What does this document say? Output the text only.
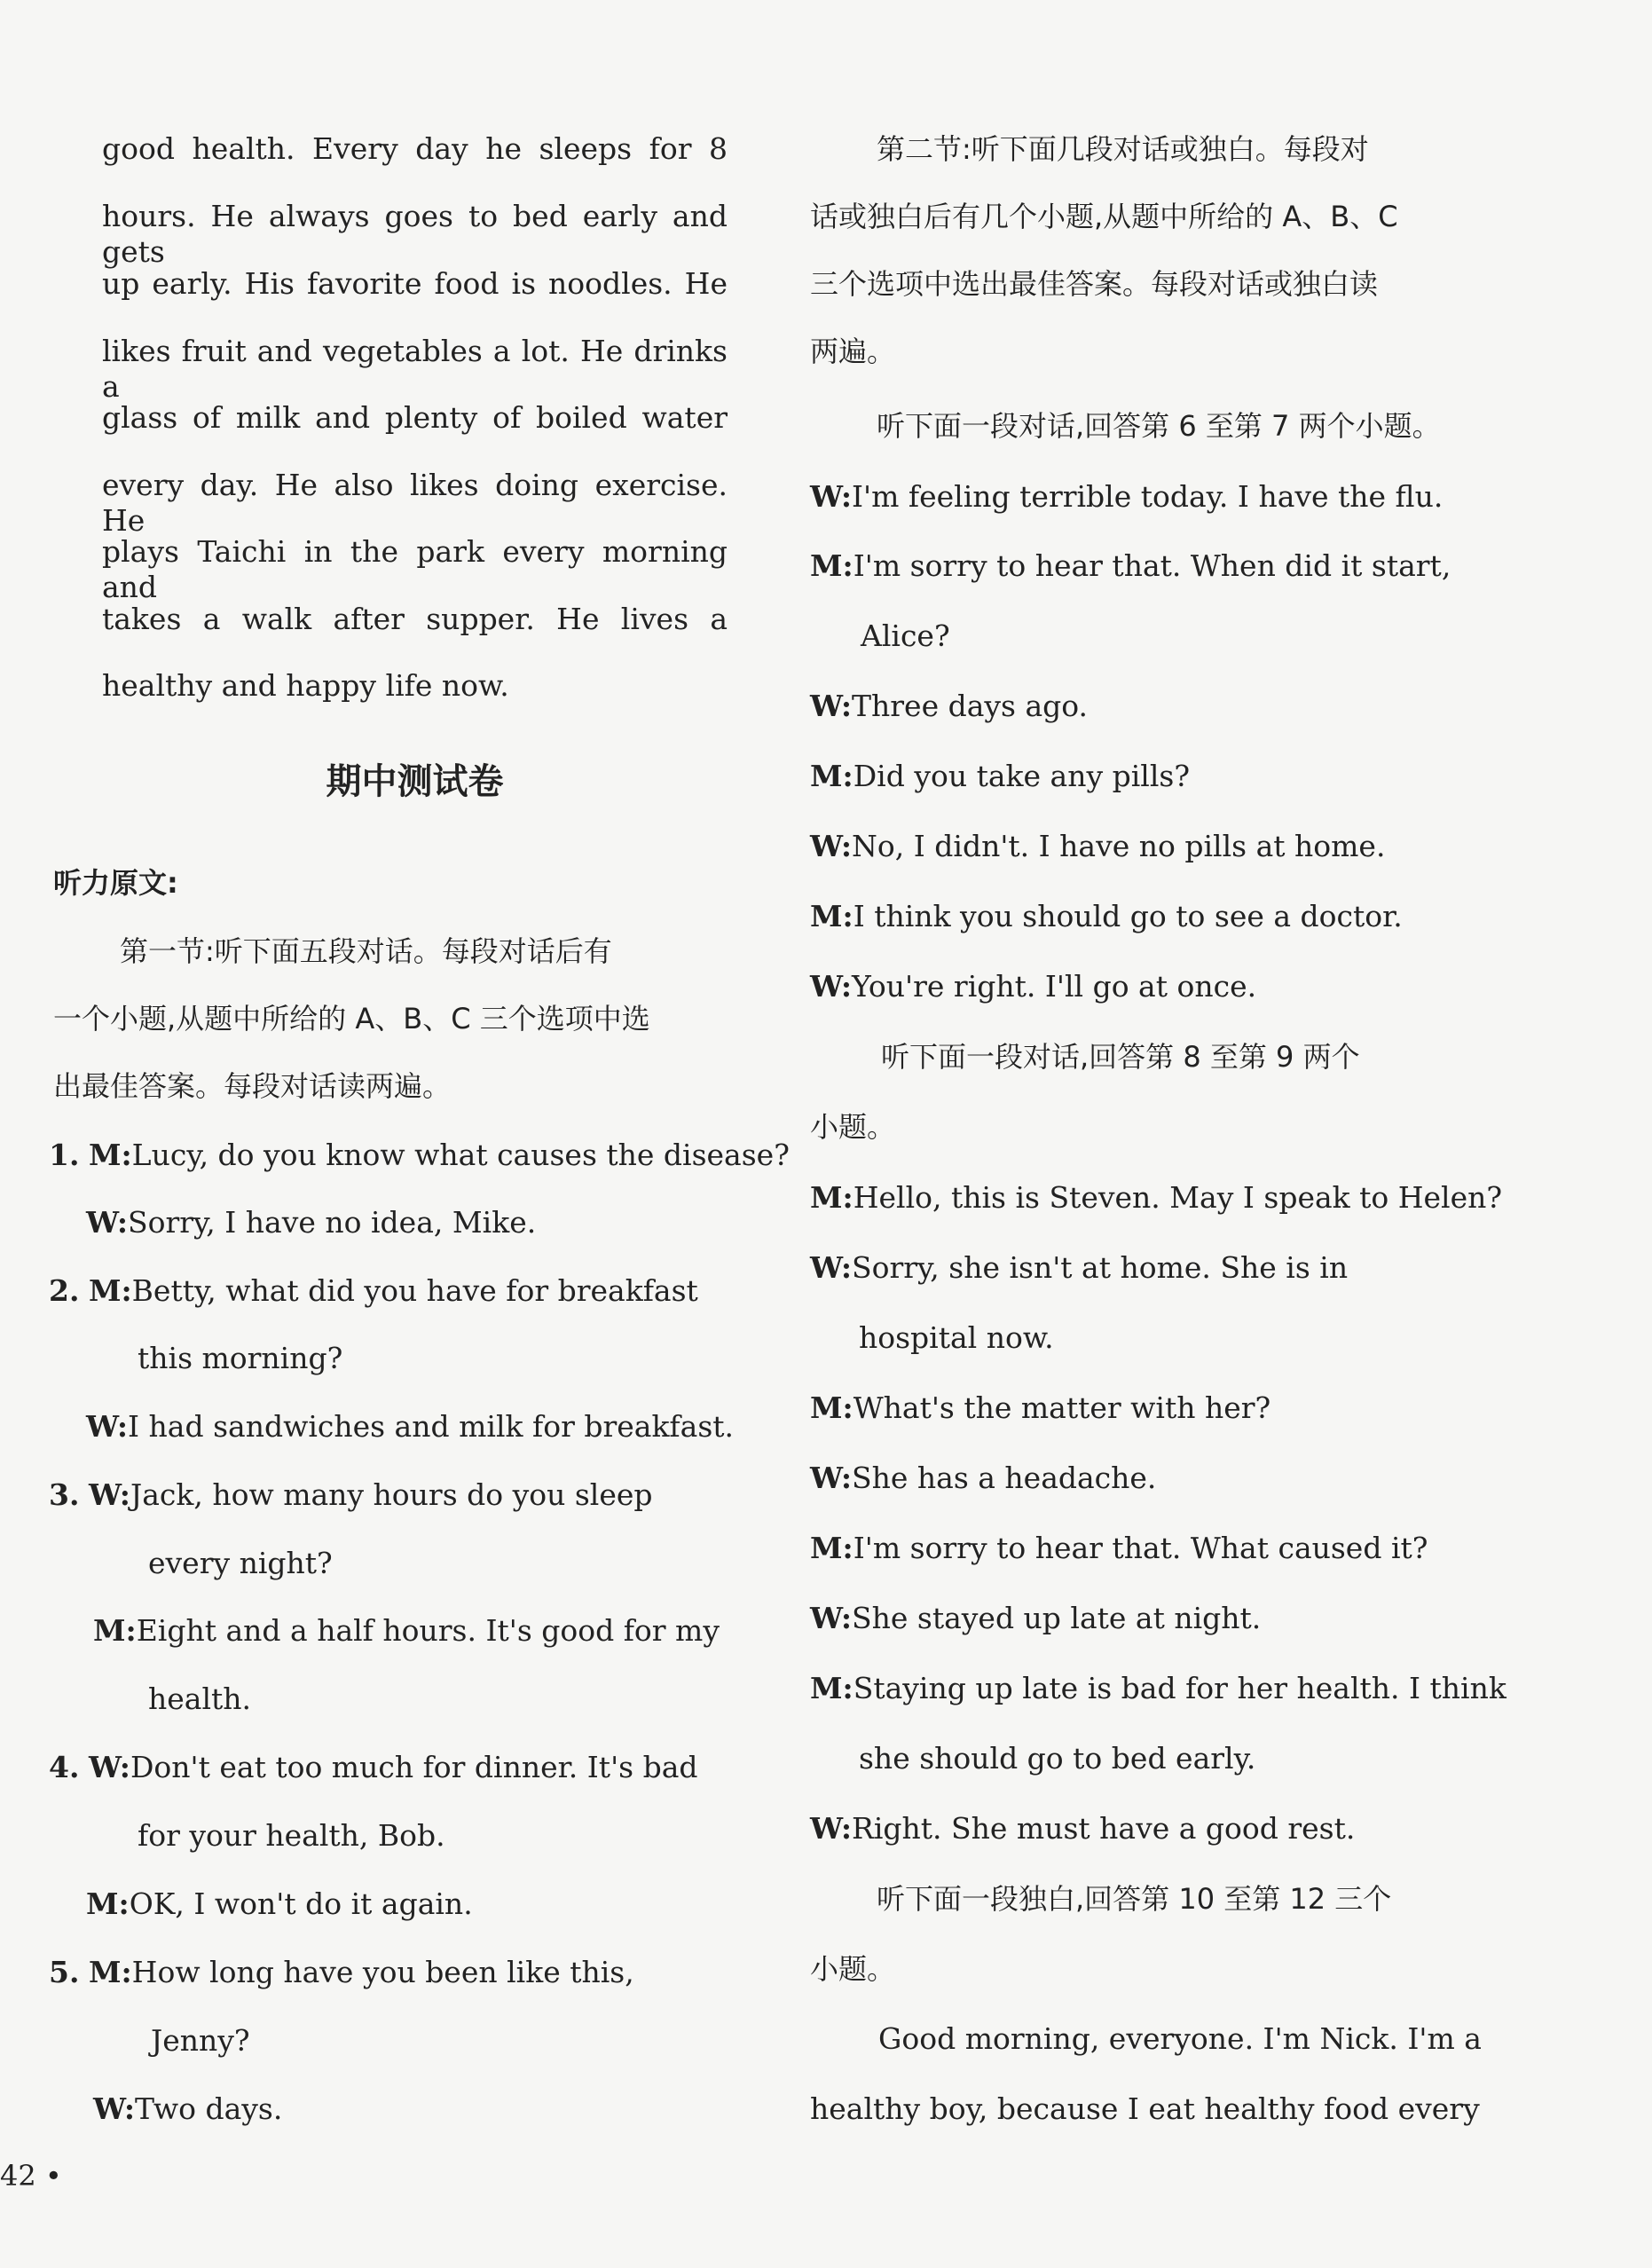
good health. Every day he sleeps for 8
hours. He always goes to bed early and gets
up early. His favorite food is noodles. He
likes fruit and vegetables a lot. He drinks a
glass of milk and plenty of boiled water
every day. He also likes doing exercise. He
plays Taichi in the park every morning and
takes a walk after supper. He lives a
healthy and happy life now.
期中测试卷
听力原文:
第一节:听下面五段对话。每段对话后有
一个小题,从题中所给的 A、B、C 三个选项中选
出最佳答案。每段对话读两遍。
1. M:Lucy, do you know what causes the disease?
W:Sorry, I have no idea, Mike.
2. M:Betty, what did you have for breakfast
this morning?
W:I had sandwiches and milk for breakfast.
3. W:Jack, how many hours do you sleep
every night?
M:Eight and a half hours. It's good for my
health.
4. W:Don't eat too much for dinner. It's bad
for your health, Bob.
M:OK, I won't do it again.
5. M:How long have you been like this,
Jenny?
W:Two days.
42 •
第二节:听下面几段对话或独白。每段对
话或独白后有几个小题,从题中所给的 A、B、C
三个选项中选出最佳答案。每段对话或独白读
两遍。
听下面一段对话,回答第 6 至第 7 两个小题。
W:I'm feeling terrible today. I have the flu.
M:I'm sorry to hear that. When did it start,
Alice?
W:Three days ago.
M:Did you take any pills?
W:No, I didn't. I have no pills at home.
M:I think you should go to see a doctor.
W:You're right. I'll go at once.
听下面一段对话,回答第 8 至第 9 两个
小题。
M:Hello, this is Steven. May I speak to Helen?
W:Sorry, she isn't at home. She is in
hospital now.
M:What's the matter with her?
W:She has a headache.
M:I'm sorry to hear that. What caused it?
W:She stayed up late at night.
M:Staying up late is bad for her health. I think
she should go to bed early.
W:Right. She must have a good rest.
听下面一段独白,回答第 10 至第 12 三个
小题。
Good morning, everyone. I'm Nick. I'm a
healthy boy, because I eat healthy food every
